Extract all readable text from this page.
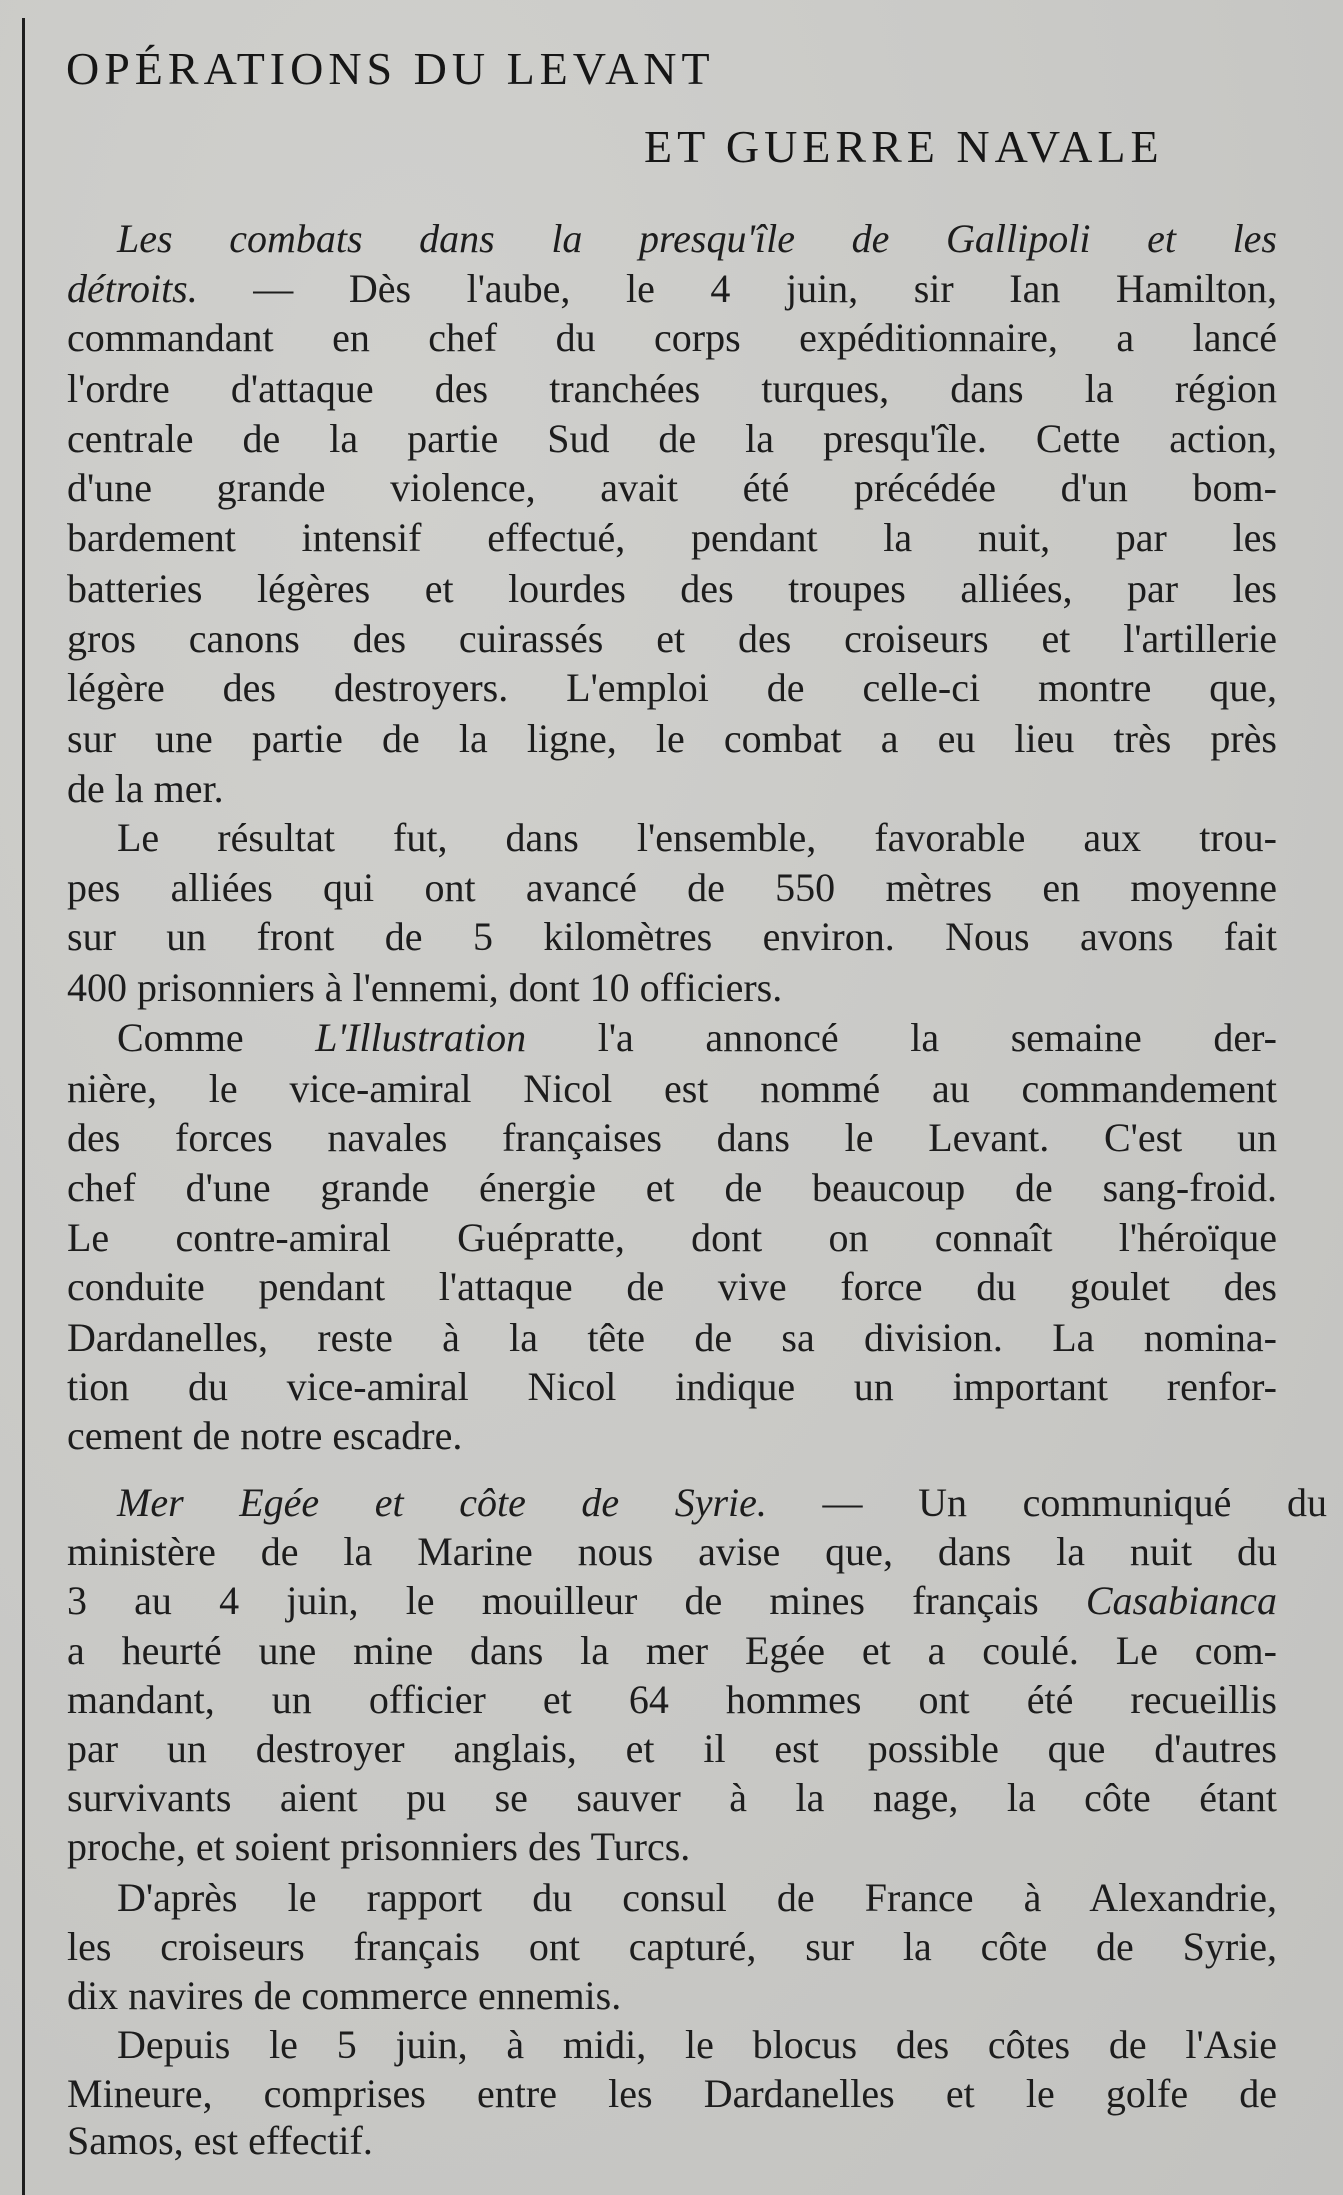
OPÉRATIONS DU LEVANT
ET GUERRE NAVALE
Les combats dans la presqu'île de Gallipoli et les
détroits. — Dès l'aube, le 4 juin, sir Ian Hamilton,
commandant en chef du corps expéditionnaire, a lancé
l'ordre d'attaque des tranchées turques, dans la région
centrale de la partie Sud de la presqu'île. Cette action,
d'une grande violence, avait été précédée d'un bom-
bardement intensif effectué, pendant la nuit, par les
batteries légères et lourdes des troupes alliées, par les
gros canons des cuirassés et des croiseurs et l'artillerie
légère des destroyers. L'emploi de celle-ci montre que,
sur une partie de la ligne, le combat a eu lieu très près
de la mer.
Le résultat fut, dans l'ensemble, favorable aux trou-
pes alliées qui ont avancé de 550 mètres en moyenne
sur un front de 5 kilomètres environ. Nous avons fait
400 prisonniers à l'ennemi, dont 10 officiers.
Comme L'Illustration l'a annoncé la semaine der-
nière, le vice-amiral Nicol est nommé au commandement
des forces navales françaises dans le Levant. C'est un
chef d'une grande énergie et de beaucoup de sang-froid.
Le contre-amiral Guépratte, dont on connaît l'héroïque
conduite pendant l'attaque de vive force du goulet des
Dardanelles, reste à la tête de sa division. La nomina-
tion du vice-amiral Nicol indique un important renfor-
cement de notre escadre.
Mer Egée et côte de Syrie. — Un communiqué du
ministère de la Marine nous avise que, dans la nuit du
3 au 4 juin, le mouilleur de mines français Casabianca
a heurté une mine dans la mer Egée et a coulé. Le com-
mandant, un officier et 64 hommes ont été recueillis
par un destroyer anglais, et il est possible que d'autres
survivants aient pu se sauver à la nage, la côte étant
proche, et soient prisonniers des Turcs.
D'après le rapport du consul de France à Alexandrie,
les croiseurs français ont capturé, sur la côte de Syrie,
dix navires de commerce ennemis.
Depuis le 5 juin, à midi, le blocus des côtes de l'Asie
Mineure, comprises entre les Dardanelles et le golfe de
Samos, est effectif.
